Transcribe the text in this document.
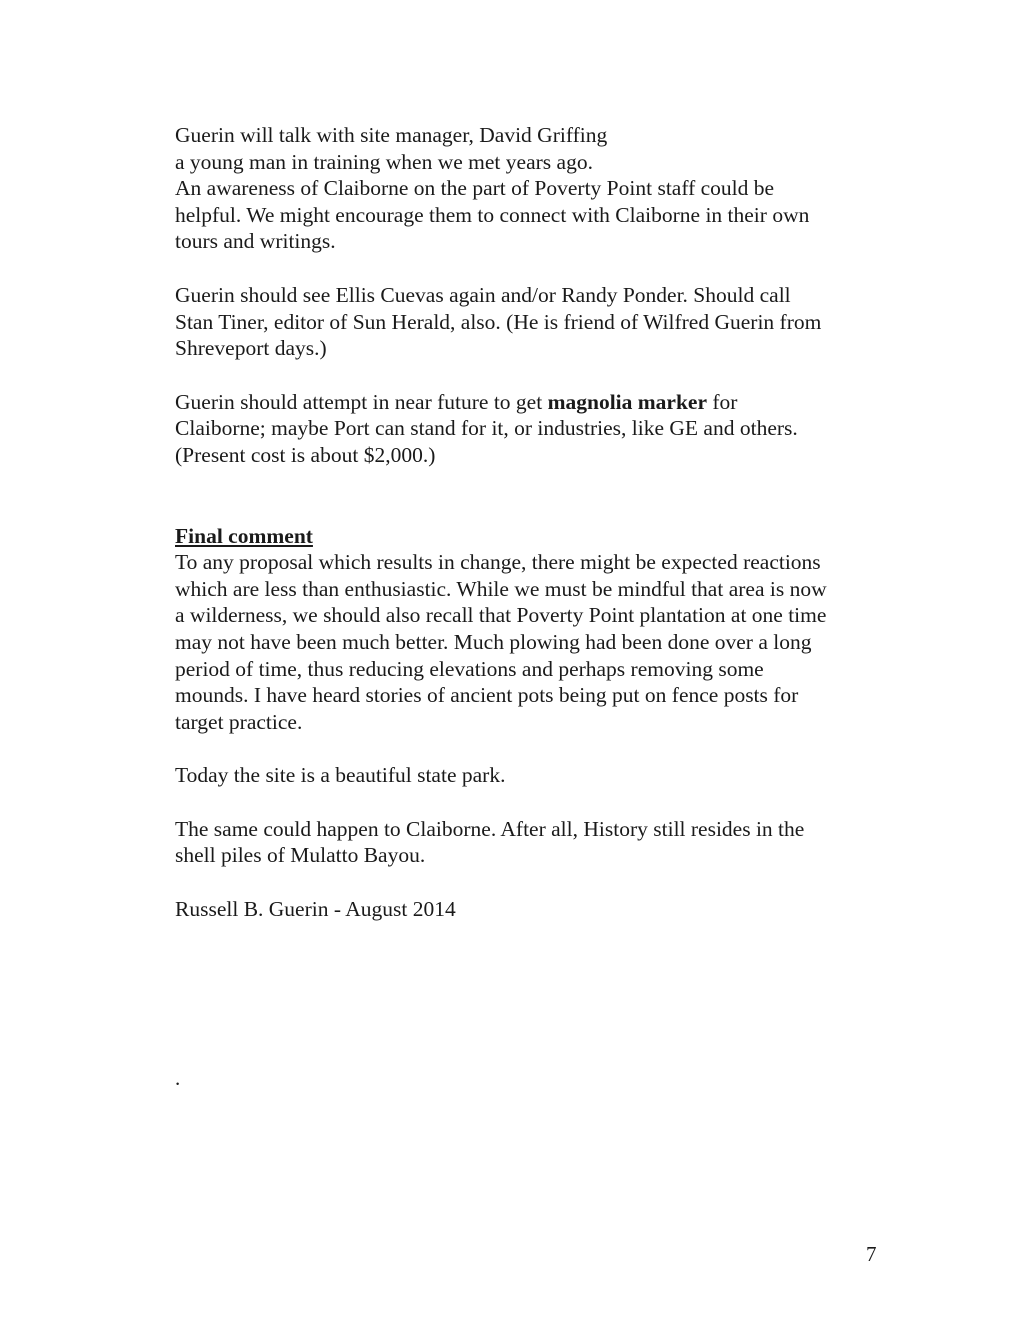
Guerin will talk with site manager, David Griffing
a young man in training when we met years ago.
An awareness of Claiborne on the part of Poverty Point staff could be
helpful. We might encourage them to connect with Claiborne in their own
tours and writings.
Guerin should see Ellis Cuevas again and/or Randy Ponder. Should call
Stan Tiner, editor of Sun Herald, also. (He is friend of Wilfred Guerin from
Shreveport days.)
Guerin should attempt in near future to get magnolia marker for
Claiborne; maybe Port can stand for it, or industries, like GE and others.
(Present cost is about $2,000.)
Final comment
To any proposal which results in change, there might be expected reactions
which are less than enthusiastic. While we must be mindful that area is now
a wilderness, we should also recall that Poverty Point plantation at one time
may not have been much better. Much plowing had been done over a long
period of time, thus reducing elevations and perhaps removing some
mounds. I have heard stories of ancient pots being put on fence posts for
target practice.
Today the site is a beautiful state park.
The same could happen to Claiborne. After all, History still resides in the
shell piles of Mulatto Bayou.
Russell B. Guerin - August 2014
.
7
